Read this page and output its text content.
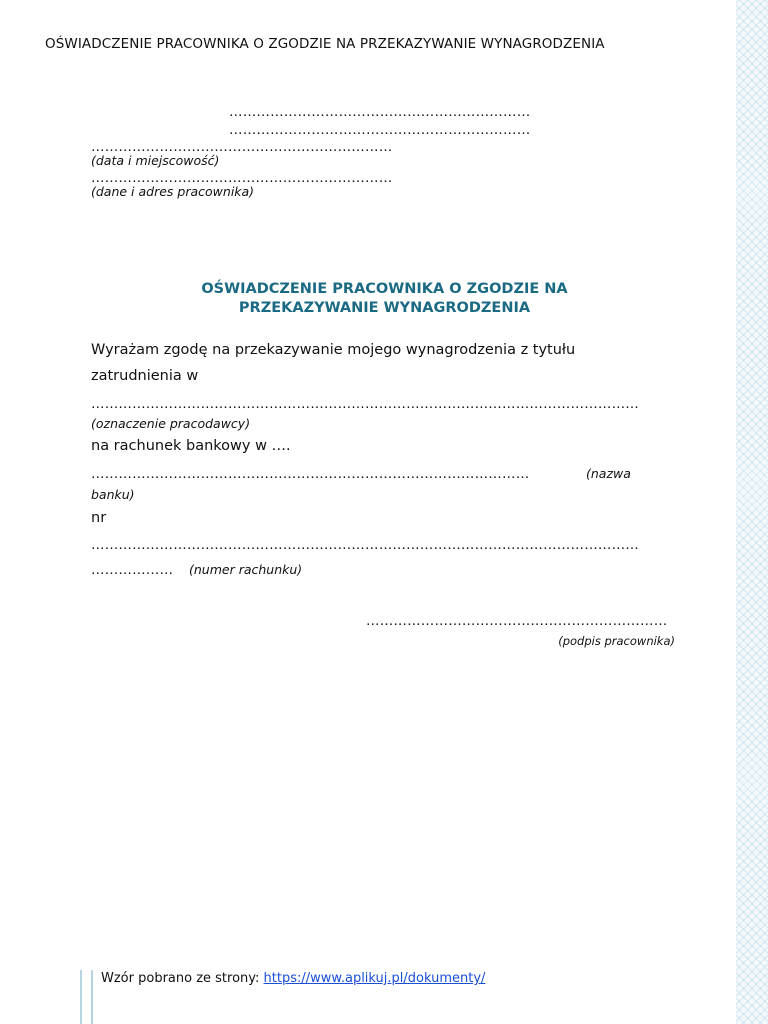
OŚWIADCZENIE PRACOWNIKA O ZGODZIE NA PRZEKAZYWANIE WYNAGRODZENIA
…………………………………………………………
…………………………………………………………
…………………………………………………………
(data i miejscowość)
…………………………………………………………
(dane i adres pracownika)
OŚWIADCZENIE PRACOWNIKA O ZGODZIE NA
PRZEKAZYWANIE WYNAGRODZENIA
Wyrażam zgodę na przekazywanie mojego wynagrodzenia z tytułu
zatrudnienia w
…………………………………………………………………………………………………………
(oznaczenie pracodawcy)
na rachunek bankowy w ….
……………………………………………………………………………………	(nazwa
banku)
nr
…………………………………………………………………………………………………………
……………… (numer rachunku)
…………………………………………………………
(podpis pracownika)
Wzór pobrano ze strony: https://www.aplikuj.pl/dokumenty/
